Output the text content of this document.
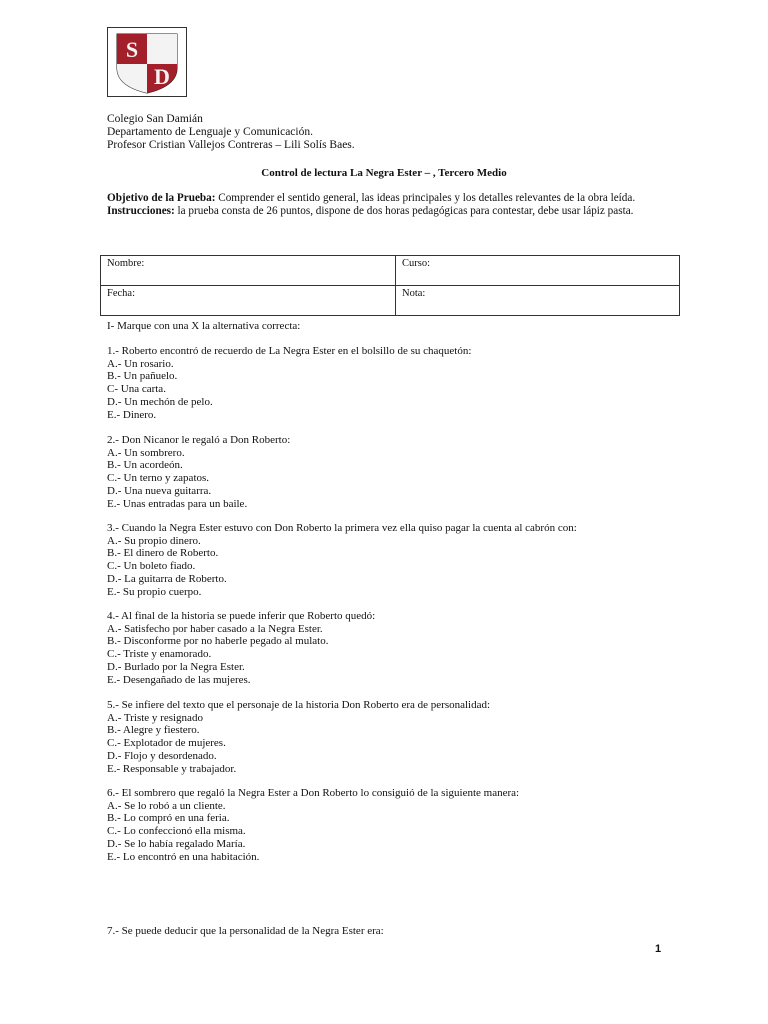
S
D
Colegio San Damián
Departamento de Lenguaje y Comunicación.
Profesor Cristian Vallejos Contreras – Lili Solís Baes.
Control de lectura La Negra Ester – , Tercero Medio
Objetivo de la Prueba: Comprender el sentido general, las ideas principales y los detalles relevantes de la obra leída.
Instrucciones: la prueba consta de 26 puntos, dispone de dos horas pedagógicas para contestar, debe usar lápiz pasta.
Nombre:	Curso:
Fecha:	Nota:
I- Marque con una X la alternativa correcta:
1.- Roberto encontró de recuerdo de La Negra Ester en el bolsillo de su chaquetón:
A.- Un rosario.
B.- Un pañuelo.
C- Una carta.
D.- Un mechón de pelo.
E.- Dinero.
2.- Don Nicanor le regaló a Don Roberto:
A.- Un sombrero.
B.- Un acordeón.
C.- Un terno y zapatos.
D.- Una nueva guitarra.
E.- Unas entradas para un baile.
3.- Cuando la Negra Ester estuvo con Don Roberto la primera vez ella quiso pagar la cuenta al cabrón con:
A.- Su propio dinero.
B.- El dinero de Roberto.
C.- Un boleto fiado.
D.- La guitarra de Roberto.
E.- Su propio cuerpo.
4.- Al final de la historia se puede inferir que Roberto quedó:
A.- Satisfecho por haber casado a la Negra Ester.
B.- Disconforme por no haberle pegado al mulato.
C.- Triste y enamorado.
D.- Burlado por la Negra Ester.
E.- Desengañado de las mujeres.
5.- Se infiere del texto que el personaje de la historia Don Roberto era de personalidad:
A.- Triste y resignado
B.- Alegre y fiestero.
C.- Explotador de mujeres.
D.- Flojo y desordenado.
E.- Responsable y trabajador.
6.- El sombrero que regaló la Negra Ester a Don Roberto lo consiguió de la siguiente manera:
A.- Se lo robó a un cliente.
B.- Lo compró en una feria.
C.- Lo confeccionó ella misma.
D.- Se lo había regalado María.
E.- Lo encontró en una habitación.
7.- Se puede deducir que la personalidad de la Negra Ester era:
1
